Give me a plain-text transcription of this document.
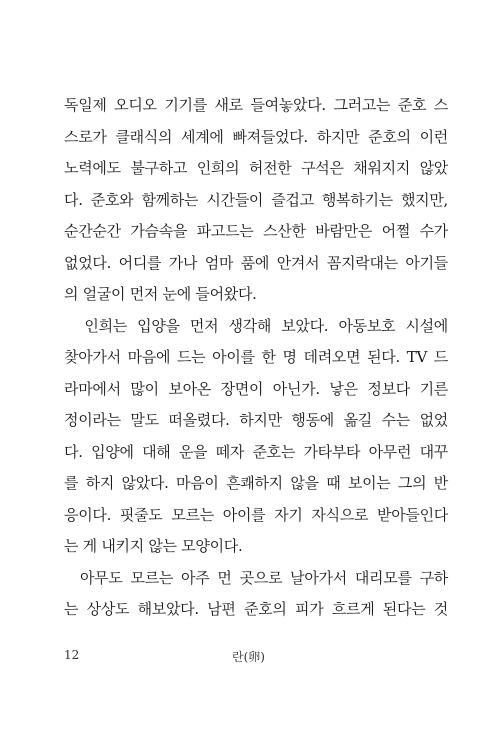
독일제 오디오 기기를 새로 들여놓았다. 그러고는 준호 스
스로가 클래식의 세계에 빠져들었다. 하지만 준호의 이런
노력에도 불구하고 인희의 허전한 구석은 채워지지 않았
다. 준호와 함께하는 시간들이 즐겁고 행복하기는 했지만,
순간순간 가슴속을 파고드는 스산한 바람만은 어쩔 수가
없었다. 어디를 가나 엄마 품에 안겨서 꼼지락대는 아기들
의 얼굴이 먼저 눈에 들어왔다.
인희는 입양을 먼저 생각해 보았다. 아동보호 시설에
찾아가서 마음에 드는 아이를 한 명 데려오면 된다. TV 드
라마에서 많이 보아온 장면이 아닌가. 낳은 정보다 기른
정이라는 말도 떠올렸다. 하지만 행동에 옮길 수는 없었
다. 입양에 대해 운을 떼자 준호는 가타부타 아무런 대꾸
를 하지 않았다. 마음이 흔쾌하지 않을 때 보이는 그의 반
응이다. 핏줄도 모르는 아이를 자기 자식으로 받아들인다
는 게 내키지 않는 모양이다.
아무도 모르는 아주 먼 곳으로 날아가서 대리모를 구하
는 상상도 해보았다. 남편 준호의 피가 흐르게 된다는 것
12	란(卵)
